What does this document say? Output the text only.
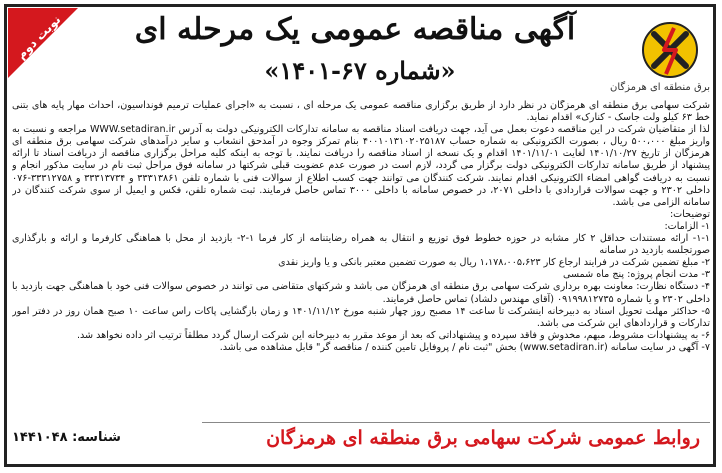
نوبت دوم	آگهی مناقصه عمومی یک مرحله ای
«شماره ۶۷-۱۴۰۱»
برق منطقه ای هرمزگان

شرکت سهامی برق منطقه ای هرمزگان در نظر دارد از طریق برگزاری مناقصه عمومی یک مرحله ای ، نسبت به «اجرای عملیات ترمیم فونداسیون، احداث مهار پایه های بتنی خط ۶۳ کیلو ولت جاسک - کنارک» اقدام نماید.

لذا از متقاضیان شرکت در این مناقصه دعوت بعمل می آید، جهت دریافت اسناد مناقصه به سامانه تدارکات الکترونیکی دولت به آدرس WWW.setadiran.ir مراجعه و نسبت به واریز مبلغ ۵۰۰،۰۰۰ ریال ، بصورت الکترونیکی به شماره حساب ۴۰۰۱۰۱۳۱۰۲۰۲۵۱۸۷ بنام تمرکز وجوه در آمدحق انشعاب و سایر درآمدهای شرکت سهامی برق منطقه ای هرمزگان از تاریخ ۱۴۰۱/۱۰/۲۷ لغایت ۱۴۰۱/۱۱/۰۱ اقدام و یک نسخه از اسناد مناقصه را دریافت نمایند. با توجه به اینکه کلیه مراحل برگزاری مناقصه از دریافت اسناد تا ارائه پیشنهاد از طریق سامانه تدارکات الکترونیکی دولت برگزار می گردد، لازم است در صورت عدم عضویت قبلی شرکتها در سامانه فوق مراحل ثبت نام در سایت مذکور انجام و نسبت به دریافت گواهی امضاء الکترونیکی اقدام نمایند. شرکت کنندگان می توانند جهت کسب اطلاع از سوالات فنی با شماره تلفن ۳۳۳۱۳۸۶۱ و ۳۳۳۱۳۷۳۴ و ۳۳۳۱۲۷۵۸-۰۷۶ داخلی ۲۳۰۲ و جهت سوالات قراردادی با داخلی ۲۰۷۱، در خصوص سامانه با داخلی ۳۰۰۰ تماس حاصل فرمایند. ثبت شماره تلفن، فکس و ایمیل از سوی شرکت کنندگان در سامانه الزامی می باشد.

توضیحات:

۱- الزامات:

۱-۱- ارائه مستندات حداقل ۲ کار مشابه در حوزه خطوط فوق توزیع و انتقال به همراه رضایتنامه از کار فرما ۱-۲- بازدید از محل با هماهنگی کارفرما و ارائه و بارگذاری صورتجلسه بازدید در سامانه

۲- مبلغ تضمین شرکت در فرایند ارجاع کار ۱،۱۷۸،۰۰۵،۶۲۳ ریال به صورت تضمین معتبر بانکی و یا واریز نقدی

۳- مدت انجام پروژه: پنج ماه شمسی

۴- دستگاه نظارت: معاونت بهره برداری شرکت سهامی برق منطقه ای هرمزگان می باشد و شرکتهای متقاضی می توانند در خصوص سوالات فنی خود با هماهنگی جهت بازدید با داخلی ۲۳۰۲ و یا شماره ۰۹۱۹۹۸۱۲۷۳۵ (آقای مهندس دلشاد) تماس حاصل فرمایند.

۵- حداکثر مهلت تحویل اسناد به دبیرخانه اینشرکت تا ساعت ۱۴ مصبح روز چهار شنبه مورخ ۱۴۰۱/۱۱/۱۲ و زمان بازگشایی پاکات راس ساعت ۱۰ صبح همان روز در دفتر امور تدارکات و قراردادهای این شرکت می باشد.

۶- به پیشنهادات مشروط، مبهم، مخدوش و فاقد سپرده و پیشنهاداتی که بعد از موعد مقرر به دبیرخانه این شرکت ارسال گردد مطلقاً ترتیب اثر داده نخواهد شد.

۷- آگهی در سایت سامانه (www.setadiran.ir) بخش "ثبت نام / پروفایل تامین کننده / مناقصه گر" قابل مشاهده می باشد.

روابط عمومی شرکت سهامی برق منطقه ای هرمزگان
شناسه: ۱۴۴۱۰۴۸
